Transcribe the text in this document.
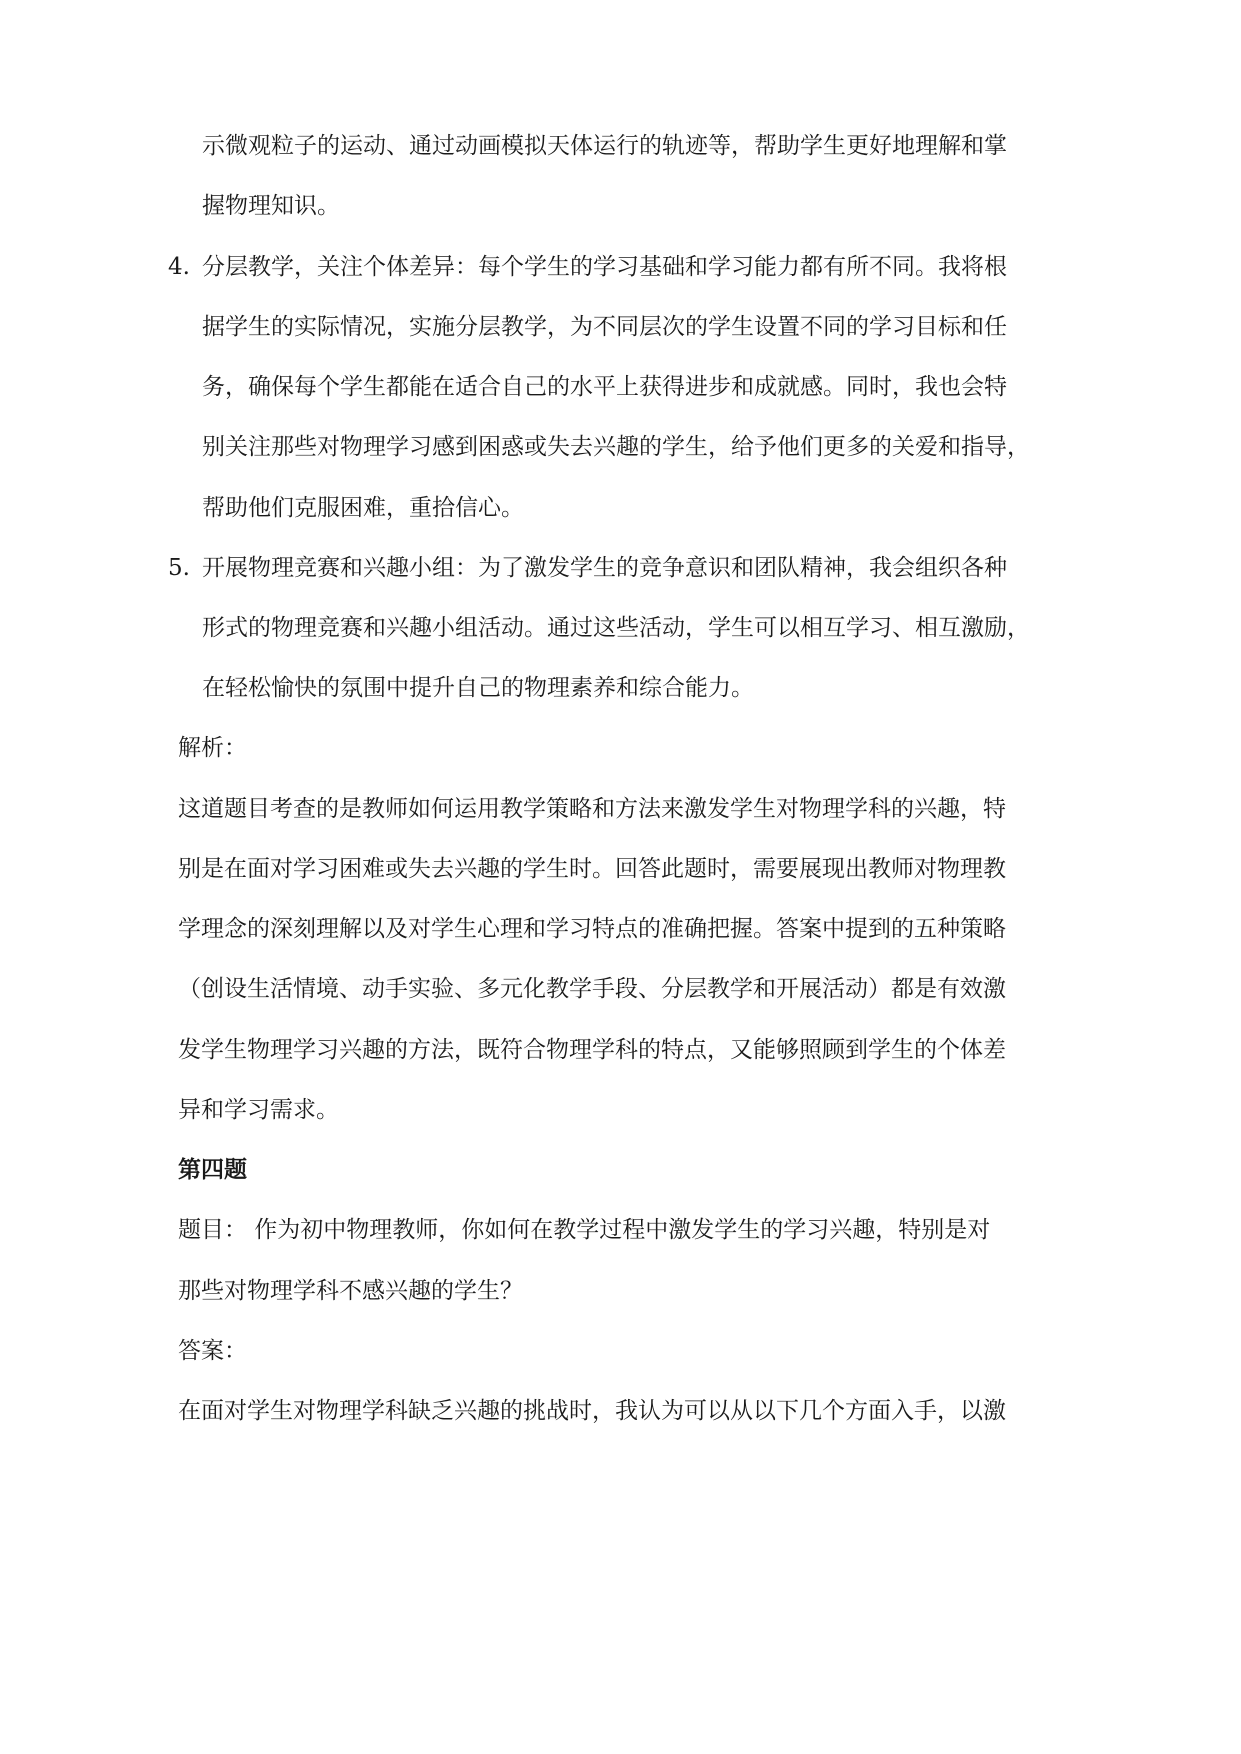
示微观粒子的运动、通过动画模拟天体运行的轨迹等，帮助学生更好地理解和掌
握物理知识。
4. 分层教学，关注个体差异：每个学生的学习基础和学习能力都有所不同。我将根
据学生的实际情况，实施分层教学，为不同层次的学生设置不同的学习目标和任
务，确保每个学生都能在适合自己的水平上获得进步和成就感。同时，我也会特
别关注那些对物理学习感到困惑或失去兴趣的学生，给予他们更多的关爱和指导，
帮助他们克服困难，重拾信心。
5. 开展物理竞赛和兴趣小组：为了激发学生的竞争意识和团队精神，我会组织各种
形式的物理竞赛和兴趣小组活动。通过这些活动，学生可以相互学习、相互激励，
在轻松愉快的氛围中提升自己的物理素养和综合能力。
解析：
这道题目考查的是教师如何运用教学策略和方法来激发学生对物理学科的兴趣，特
别是在面对学习困难或失去兴趣的学生时。回答此题时，需要展现出教师对物理教
学理念的深刻理解以及对学生心理和学习特点的准确把握。答案中提到的五种策略
（创设生活情境、动手实验、多元化教学手段、分层教学和开展活动）都是有效激
发学生物理学习兴趣的方法，既符合物理学科的特点，又能够照顾到学生的个体差
异和学习需求。
第四题
题目： 作为初中物理教师，你如何在教学过程中激发学生的学习兴趣，特别是对
那些对物理学科不感兴趣的学生？
答案：
在面对学生对物理学科缺乏兴趣的挑战时，我认为可以从以下几个方面入手，以激
